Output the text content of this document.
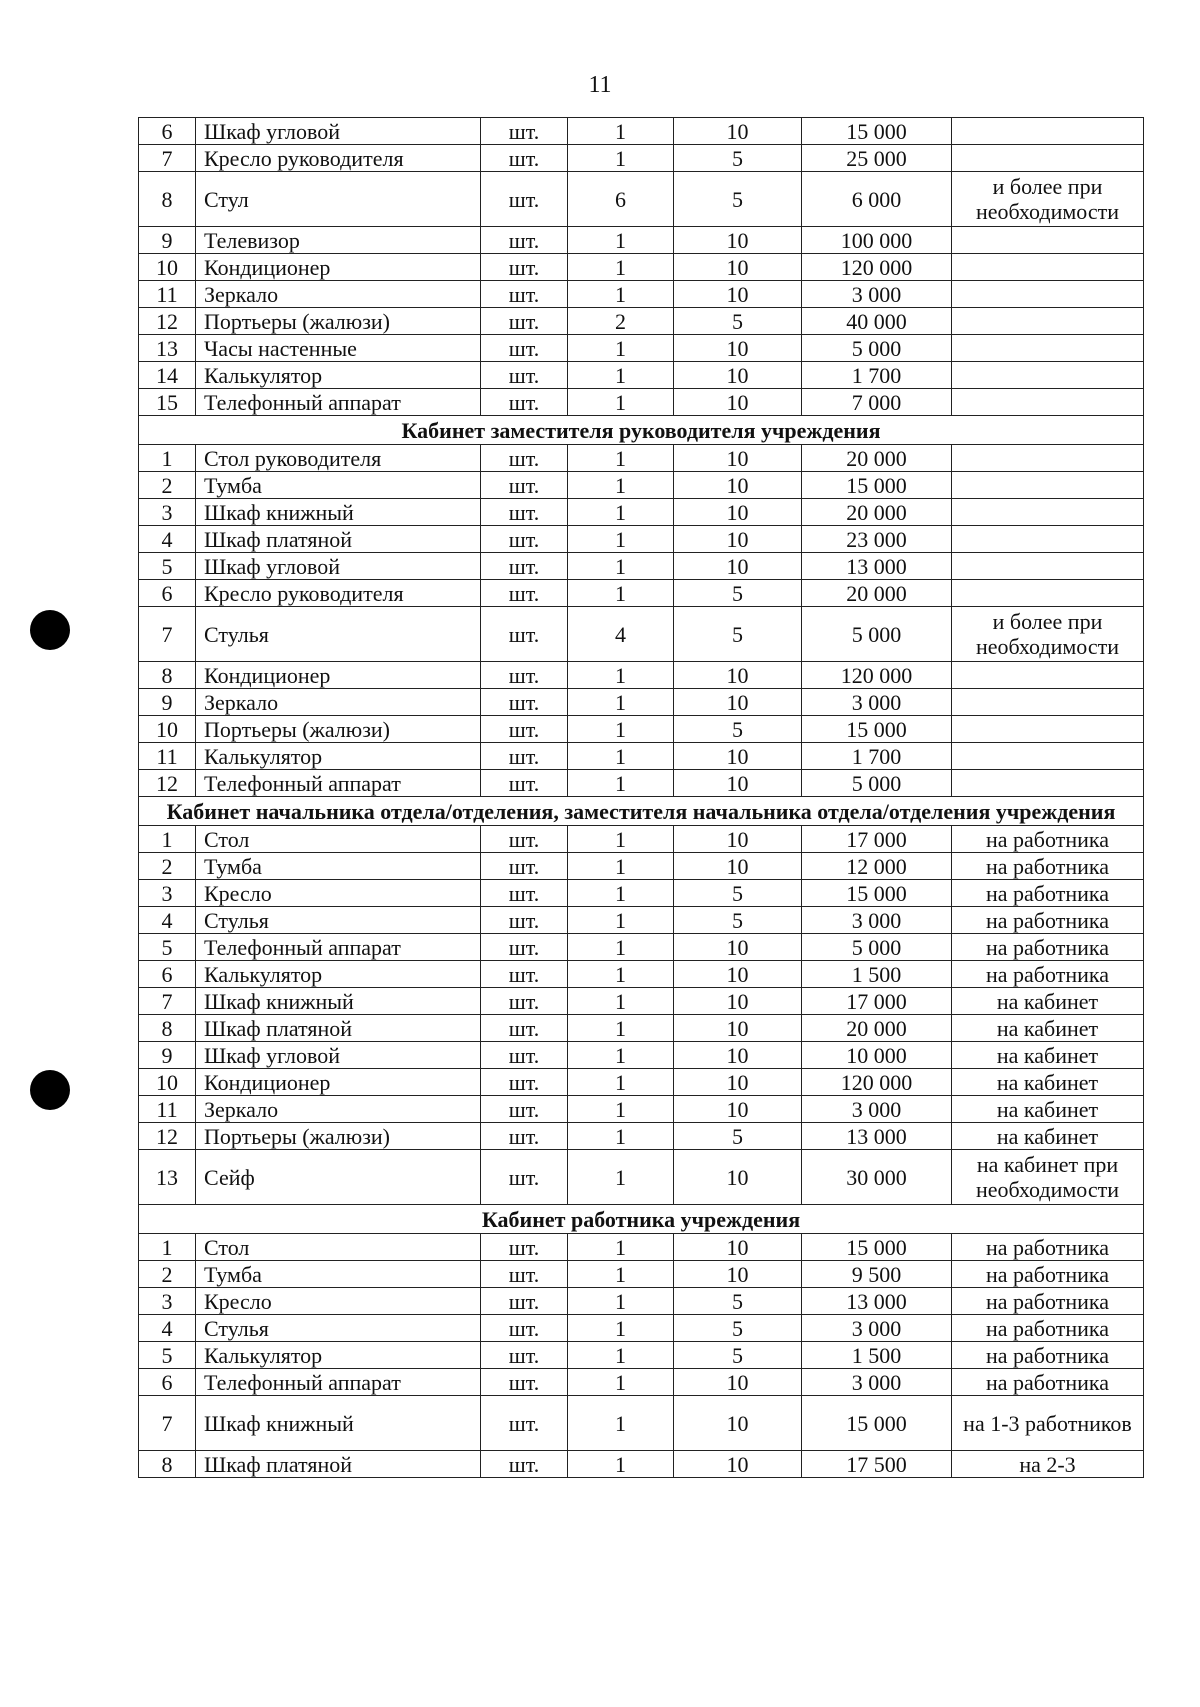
11
6	Шкаф угловой	шт.	1	10	15 000	
7	Кресло руководителя	шт.	1	5	25 000	
8	Стул	шт.	6	5	6 000	и более при необходимости
9	Телевизор	шт.	1	10	100 000	
10	Кондиционер	шт.	1	10	120 000	
11	Зеркало	шт.	1	10	3 000	
12	Портьеры (жалюзи)	шт.	2	5	40 000	
13	Часы настенные	шт.	1	10	5 000	
14	Калькулятор	шт.	1	10	1 700	
15	Телефонный аппарат	шт.	1	10	7 000	
Кабинет заместителя руководителя учреждения						
1	Стол руководителя	шт.	1	10	20 000	
2	Тумба	шт.	1	10	15 000	
3	Шкаф книжный	шт.	1	10	20 000	
4	Шкаф платяной	шт.	1	10	23 000	
5	Шкаф угловой	шт.	1	10	13 000	
6	Кресло руководителя	шт.	1	5	20 000	
7	Стулья	шт.	4	5	5 000	и более при необходимости
8	Кондиционер	шт.	1	10	120 000	
9	Зеркало	шт.	1	10	3 000	
10	Портьеры (жалюзи)	шт.	1	5	15 000	
11	Калькулятор	шт.	1	10	1 700	
12	Телефонный аппарат	шт.	1	10	5 000	
Кабинет начальника отдела/отделения, заместителя начальника отдела/отделения учреждения						
1	Стол	шт.	1	10	17 000	на работника
2	Тумба	шт.	1	10	12 000	на работника
3	Кресло	шт.	1	5	15 000	на работника
4	Стулья	шт.	1	5	3 000	на работника
5	Телефонный аппарат	шт.	1	10	5 000	на работника
6	Калькулятор	шт.	1	10	1 500	на работника
7	Шкаф книжный	шт.	1	10	17 000	на кабинет
8	Шкаф платяной	шт.	1	10	20 000	на кабинет
9	Шкаф угловой	шт.	1	10	10 000	на кабинет
10	Кондиционер	шт.	1	10	120 000	на кабинет
11	Зеркало	шт.	1	10	3 000	на кабинет
12	Портьеры (жалюзи)	шт.	1	5	13 000	на кабинет
13	Сейф	шт.	1	10	30 000	на кабинет при необходимости
Кабинет работника учреждения						
1	Стол	шт.	1	10	15 000	на работника
2	Тумба	шт.	1	10	9 500	на работника
3	Кресло	шт.	1	5	13 000	на работника
4	Стулья	шт.	1	5	3 000	на работника
5	Калькулятор	шт.	1	5	1 500	на работника
6	Телефонный аппарат	шт.	1	10	3 000	на работника
7	Шкаф книжный	шт.	1	10	15 000	на 1-3 работников
8	Шкаф платяной	шт.	1	10	17 500	на 2-3
